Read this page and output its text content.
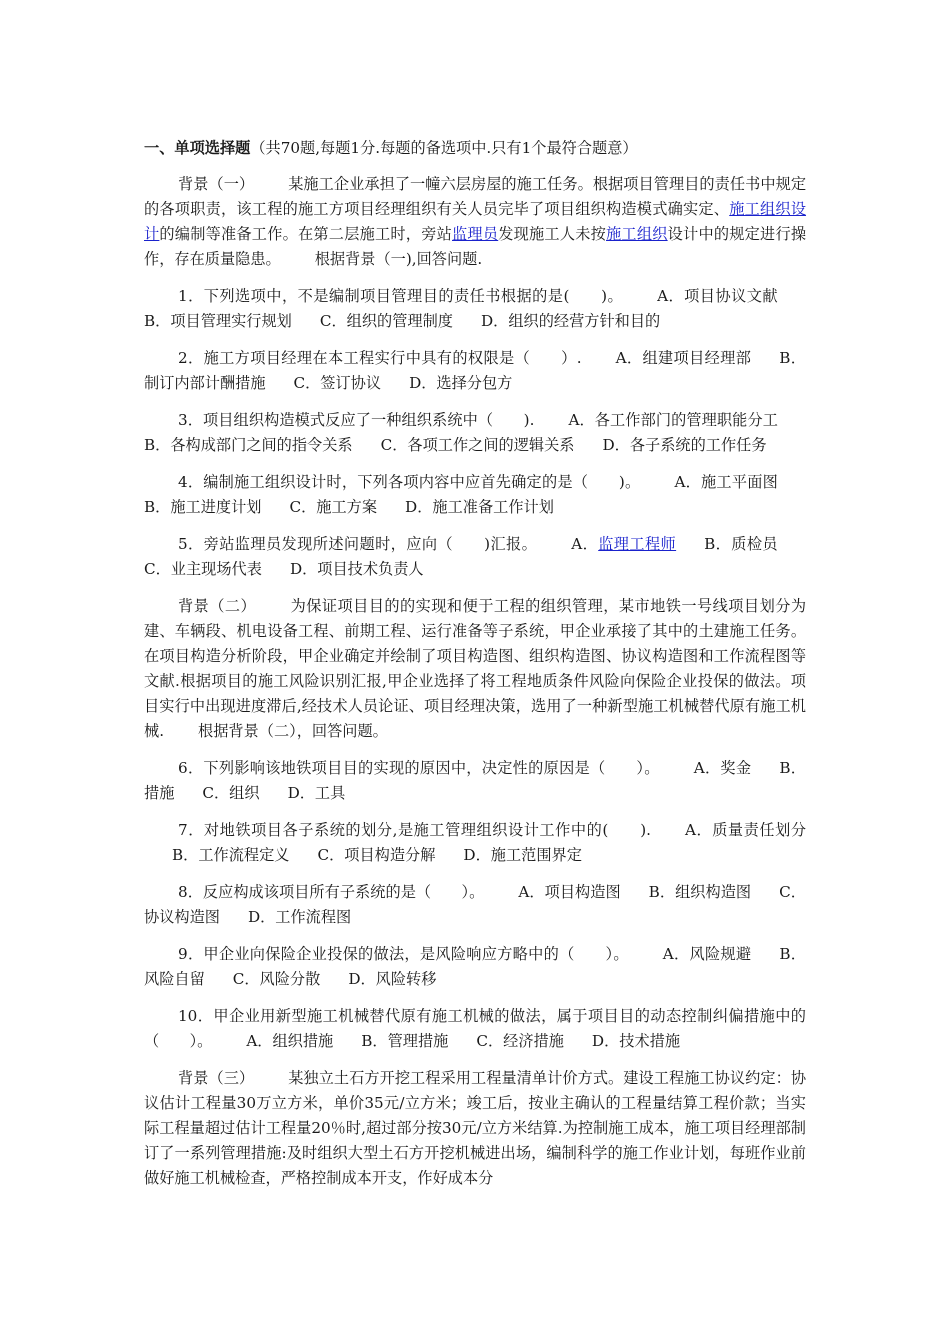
一、单项选择题（共70题,每题1分.每题的备选项中.只有1个最符合题意）

背景（一） 某施工企业承担了一幢六层房屋的施工任务。根据项目管理目的责任书中规定的各项职责，该工程的施工方项目经理组织有关人员完毕了项目组织构造模式确实定、施工组织设计的编制等准备工作。在第二层施工时，旁站监理员发现施工人未按施工组织设计中的规定进行操作，存在质量隐患。 根据背景（一),回答问题.

1．下列选项中，不是编制项目管理目的责任书根据的是(　　)。 A．项目协议文献B．项目管理实行规划 C．组织的管理制度 D．组织的经营方针和目的

2．施工方项目经理在本工程实行中具有的权限是（　　）. A．组建项目经理部 B．制订内部计酬措施 C．签订协议 D．选择分包方

3．项目组织构造模式反应了一种组织系统中（　　). A．各工作部门的管理职能分工B．各构成部门之间的指令关系 C．各项工作之间的逻辑关系 D．各子系统的工作任务

4．编制施工组织设计时，下列各项内容中应首先确定的是（　　)。 A．施工平面图B．施工进度计划 C．施工方案 D．施工准备工作计划

5．旁站监理员发现所述问题时，应向（　　)汇报。 A．监理工程师 B．质检员C．业主现场代表 D．项目技术负责人

背景（二） 为保证项目目的的实现和便于工程的组织管理，某市地铁一号线项目划分为建、车辆段、机电设备工程、前期工程、运行准备等子系统，甲企业承接了其中的土建施工任务。在项目构造分析阶段，甲企业确定并绘制了项目构造图、组织构造图、协议构造图和工作流程图等文献.根据项目的施工风险识别汇报,甲企业选择了将工程地质条件风险向保险企业投保的做法。项目实行中出现进度滞后,经技术人员论证、项目经理决策，选用了一种新型施工机械替代原有施工机械. 根据背景（二），回答问题。

6．下列影响该地铁项目目的实现的原因中，决定性的原因是（　　）。 A．奖金 B．措施 C．组织 D．工具

7．对地铁项目各子系统的划分,是施工管理组织设计工作中的(　　). A．质量责任划分B．工作流程定义 C．项目构造分解 D．施工范围界定

8．反应构成该项目所有子系统的是（　　）。 A．项目构造图 B．组织构造图 C．协议构造图 D．工作流程图

9．甲企业向保险企业投保的做法，是风险响应方略中的（　　）。 A．风险规避 B．风险自留 C．风险分散 D．风险转移

10．甲企业用新型施工机械替代原有施工机械的做法，属于项目目的动态控制纠偏措施中的（　　）。 A．组织措施 B．管理措施 C．经济措施 D．技术措施

背景（三） 某独立土石方开挖工程采用工程量清单计价方式。建设工程施工协议约定：协议估计工程量30万立方米，单价35元/立方米；竣工后，按业主确认的工程量结算工程价款；当实际工程量超过估计工程量20％时,超过部分按30元/立方米结算.为控制施工成本，施工项目经理部制订了一系列管理措施:及时组织大型土石方开挖机械进出场，编制科学的施工作业计划，每班作业前做好施工机械检查，严格控制成本开支，作好成本分
